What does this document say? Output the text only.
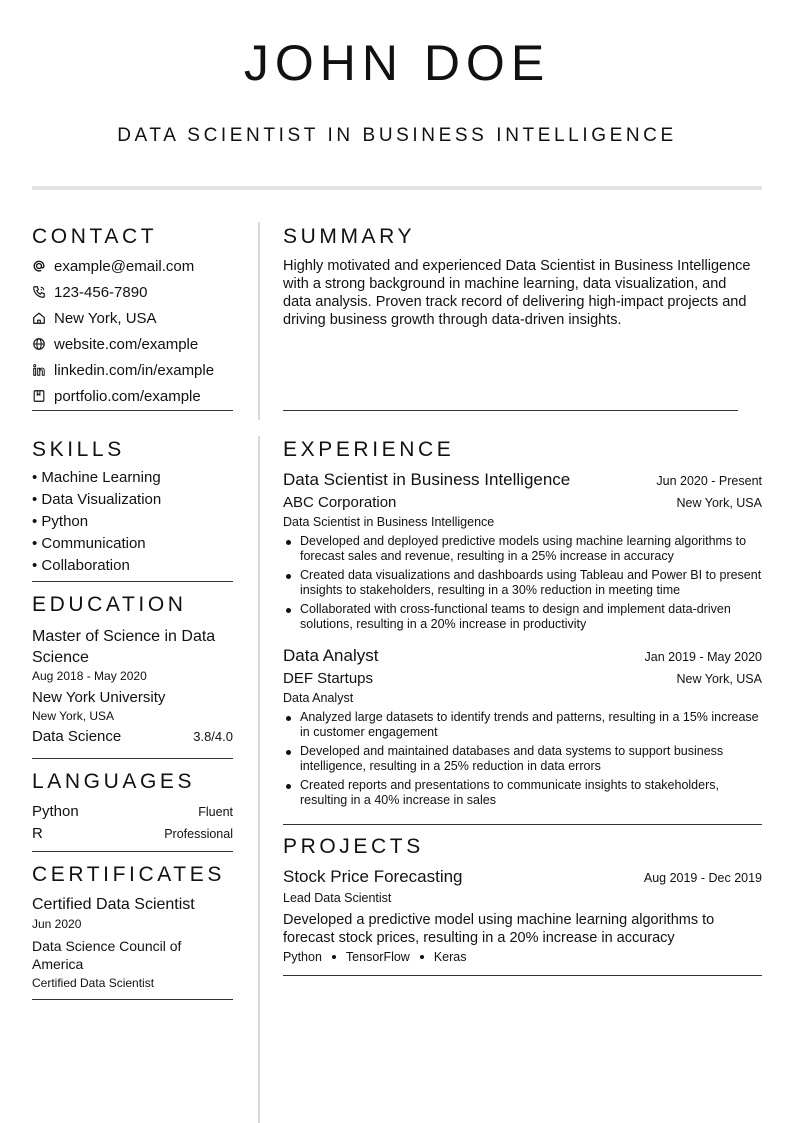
JOHN DOE
DATA SCIENTIST IN BUSINESS INTELLIGENCE
CONTACT
example@email.com
123-456-7890
New York, USA
website.com/example
linkedin.com/in/example
portfolio.com/example
SKILLS
• Machine Learning
• Data Visualization
• Python
• Communication
• Collaboration
EDUCATION
Master of Science in Data Science
Aug 2018 - May 2020
New York University
New York, USA
Data Science	3.8/4.0
LANGUAGES
Python	Fluent
R	Professional
CERTIFICATES
Certified Data Scientist
Jun 2020
Data Science Council of America
Certified Data Scientist
SUMMARY
Highly motivated and experienced Data Scientist in Business Intelligence with a strong background in machine learning, data visualization, and data analysis. Proven track record of delivering high-impact projects and driving business growth through data-driven insights.
EXPERIENCE
Data Scientist in Business Intelligence	Jun 2020 - Present
ABC Corporation	New York, USA
Data Scientist in Business Intelligence
Developed and deployed predictive models using machine learning algorithms to forecast sales and revenue, resulting in a 25% increase in accuracy
Created data visualizations and dashboards using Tableau and Power BI to present insights to stakeholders, resulting in a 30% reduction in meeting time
Collaborated with cross-functional teams to design and implement data-driven solutions, resulting in a 20% increase in productivity
Data Analyst	Jan 2019 - May 2020
DEF Startups	New York, USA
Data Analyst
Analyzed large datasets to identify trends and patterns, resulting in a 15% increase in customer engagement
Developed and maintained databases and data systems to support business intelligence, resulting in a 25% reduction in data errors
Created reports and presentations to communicate insights to stakeholders, resulting in a 40% increase in sales
PROJECTS
Stock Price Forecasting	Aug 2019 - Dec 2019
Lead Data Scientist
Developed a predictive model using machine learning algorithms to forecast stock prices, resulting in a 20% increase in accuracy
Python TensorFlow Keras
